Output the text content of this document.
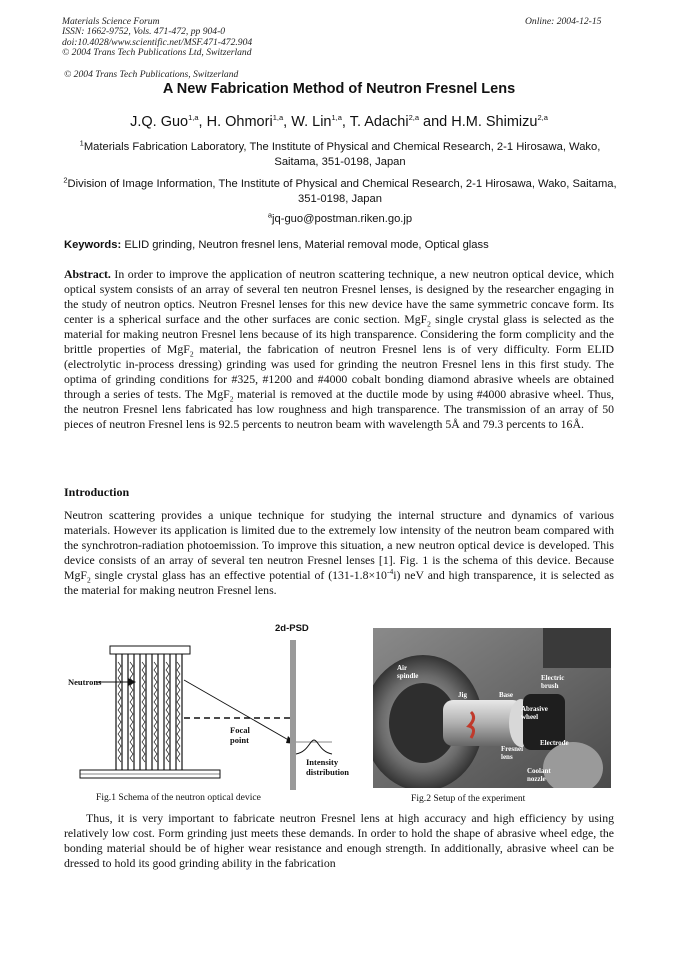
Materials Science Forum
ISSN: 1662-9752, Vols. 471-472, pp 904-0
doi:10.4028/www.scientific.net/MSF.471-472.904
© 2004 Trans Tech Publications Ltd, Switzerland
© 2004 Trans Tech Publications, Switzerland
Online: 2004-12-15
A New Fabrication Method of Neutron Fresnel Lens
J.Q. Guo$^{1,a}$, H. Ohmori$^{1,a}$, W. Lin$^{1,a}$, T. Adachi$^{2,a}$ and H.M. Shimizu$^{2,a}$
$^1$Materials Fabrication Laboratory, The Institute of Physical and Chemical Research, 2-1 Hirosawa, Wako, Saitama, 351-0198, Japan
$^2$Division of Image Information, The Institute of Physical and Chemical Research, 2-1 Hirosawa, Wako, Saitama, 351-0198, Japan
$^a$jq-guo@postman.riken.go.jp
Keywords: ELID grinding, Neutron fresnel lens, Material removal mode, Optical glass
Abstract. In order to improve the application of neutron scattering technique, a new neutron optical device, which optical system consists of an array of several ten neutron Fresnel lenses, is designed by the researcher engaging in the study of neutron optics. Neutron Fresnel lenses for this new device have the same symmetric concave form. Its center is a spherical surface and the other surfaces are conic section. MgF$_2$ single crystal glass is selected as the material for making neutron Fresnel lens because of its high transparence. Considering the form complicity and the brittle properties of MgF$_2$ material, the fabrication of neutron Fresnel lens is of very difficulty. Form ELID (electrolytic in-process dressing) grinding was used for grinding the neutron Fresnel lens in this first study. The optima of grinding conditions for #325, #1200 and #4000 cobalt bonding diamond abrasive wheels are obtained through a series of tests. The MgF$_2$ material is removed at the ductile mode by using #4000 abrasive wheel. Thus, the neutron Fresnel lens fabricated has low roughness and high transparence. The transmission of an array of 50 pieces of neutron Fresnel lens is 92.5 percents to neutron beam with wavelength 5Å and 79.3 percents to 16Å.
Introduction
Neutron scattering provides a unique technique for studying the internal structure and dynamics of various materials. However its application is limited due to the extremely low intensity of the neutron beam compared with the synchrotron-radiation photoemission. To improve this situation, a new neutron optical device is developed. This device consists of an array of several ten neutron Fresnel lenses [1]. Fig. 1 is the schema of this device. Because MgF$_2$ single crystal glass has an effective potential of $(131-1.8\times 10^{-4}i)$ neV and high transparence, it is selected as the material for making neutron Fresnel lens.
2d-PSD
Neutrons
Focal
point
Intensity
distribution
Fig.1 Schema of the neutron optical device
Air
spindle	Electric
brush
Jig	Base
Abrasive
wheel
Electrode
Fresnel
lens
Coolant
nozzle
Fig.2 Setup of the experiment
Thus, it is very important to fabricate neutron Fresnel lens at high accuracy and high efficiency by using relatively low cost. Form grinding just meets these demands. In order to hold the shape of abrasive wheel edge, the bonding material should be of higher wear resistance and enough strength. In additionally, abrasive wheel can be dressed to hold its good grinding ability in the fabrication
